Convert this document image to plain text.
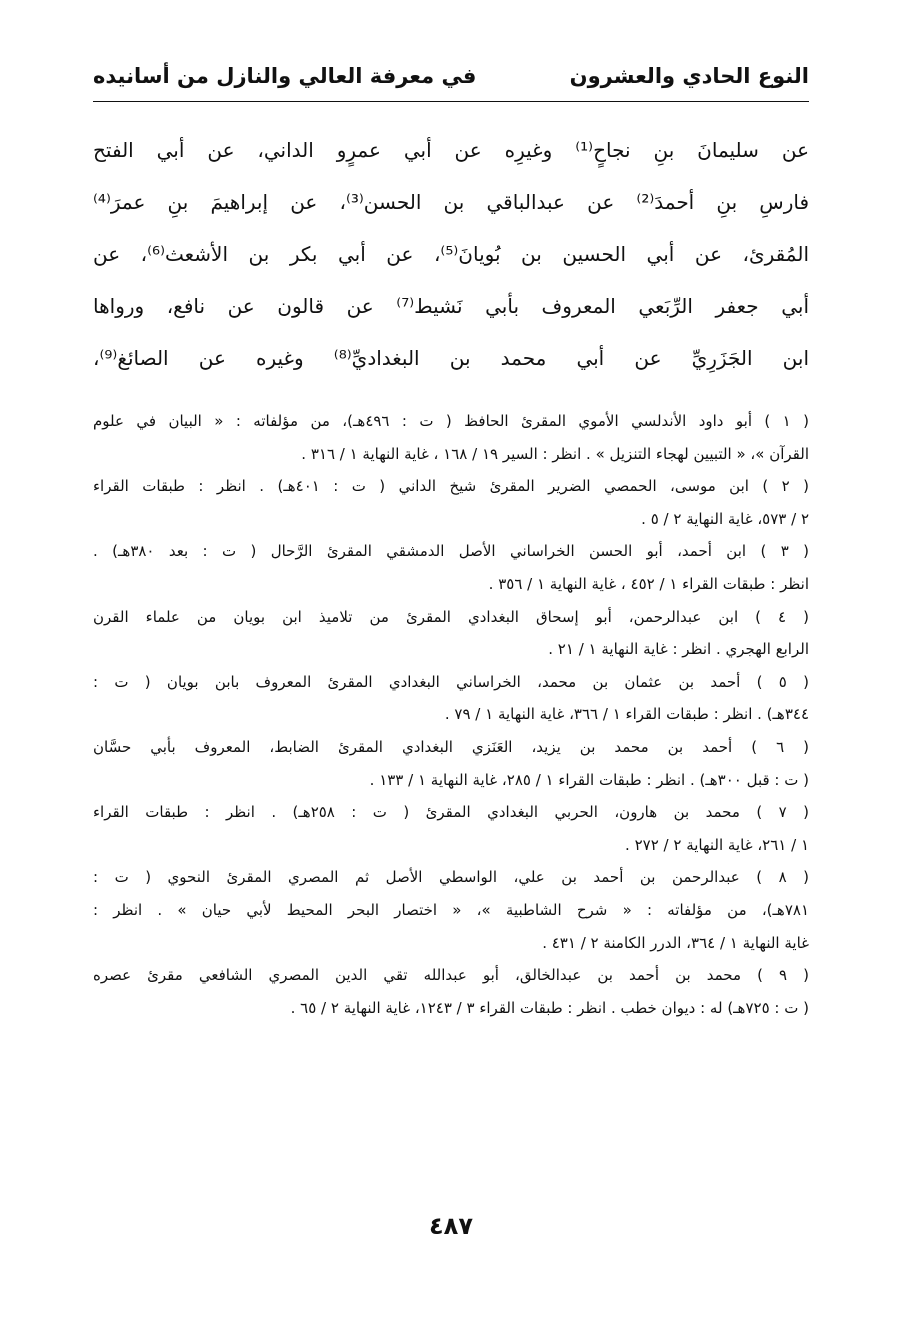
في معرفة العالي والنازل من أسانيده	النوع الحادي والعشرون
عن سليمانَ بنِ نجاحٍ⁽¹⁾ وغيرِه عن أبي عمرٍو الداني، عن أبي الفتح
فارسِ بنِ أحمدَ⁽²⁾ عن عبدالباقي بن الحسن⁽³⁾، عن إبراهيمَ بنِ عمرَ⁽⁴⁾
المُقرئ، عن أبي الحسين بن بُويانَ⁽⁵⁾، عن أبي بكر بن الأشعث⁽⁶⁾، عن
أبي جعفر الرِّبَعي المعروف بأبي نَشيط⁽⁷⁾ عن قالون عن نافع، ورواها
ابن الجَزَرِيِّ عن أبي محمد بن البغداديِّ⁽⁸⁾ وغيره عن الصائغ⁽⁹⁾،
( ١ ) أبو داود الأندلسي الأموي المقرئ الحافظ ( ت : ٤٩٦هـ)، من مؤلفاته : « البيان في علوم
القرآن »، « التبيين لهجاء التنزيل » . انظر : السير ١٩ / ١٦٨ ، غاية النهاية ١ / ٣١٦ .
( ٢ ) ابن موسى، الحمصي الضرير المقرئ شيخ الداني ( ت : ٤٠١هـ) . انظر : طبقات القراء
٢ / ٥٧٣، غاية النهاية ٢ / ٥ .
( ٣ ) ابن أحمد، أبو الحسن الخراساني الأصل الدمشقي المقرئ الرَّحال ( ت : بعد ٣٨٠هـ) .
انظر : طبقات القراء ١ / ٤٥٢ ، غاية النهاية ١ / ٣٥٦ .
( ٤ ) ابن عبدالرحمن، أبو إسحاق البغدادي المقرئ من تلاميذ ابن بويان من علماء القرن
الرابع الهجري . انظر : غاية النهاية ١ / ٢١ .
( ٥ ) أحمد بن عثمان بن محمد، الخراساني البغدادي المقرئ المعروف بابن بويان ( ت :
٣٤٤هـ) . انظر : طبقات القراء ١ / ٣٦٦، غاية النهاية ١ / ٧٩ .
( ٦ ) أحمد بن محمد بن يزيد، العَنَزي البغدادي المقرئ الضابط، المعروف بأبي حسَّان
( ت : قبل ٣٠٠هـ) . انظر : طبقات القراء ١ / ٢٨٥، غاية النهاية ١ / ١٣٣ .
( ٧ ) محمد بن هارون، الحربي البغدادي المقرئ ( ت : ٢٥٨هـ) . انظر : طبقات القراء
١ / ٢٦١، غاية النهاية ٢ / ٢٧٢ .
( ٨ ) عبدالرحمن بن أحمد بن علي، الواسطي الأصل ثم المصري المقرئ النحوي ( ت :
٧٨١هـ)، من مؤلفاته : « شرح الشاطبية »، « اختصار البحر المحيط لأبي حيان » . انظر :
غاية النهاية ١ / ٣٦٤، الدرر الكامنة ٢ / ٤٣١ .
( ٩ ) محمد بن أحمد بن عبدالخالق، أبو عبدالله تقي الدين المصري الشافعي مقرئ عصره
( ت : ٧٢٥هـ) له : ديوان خطب . انظر : طبقات القراء ٣ / ١٢٤٣، غاية النهاية ٢ / ٦٥ .
٤٨٧
